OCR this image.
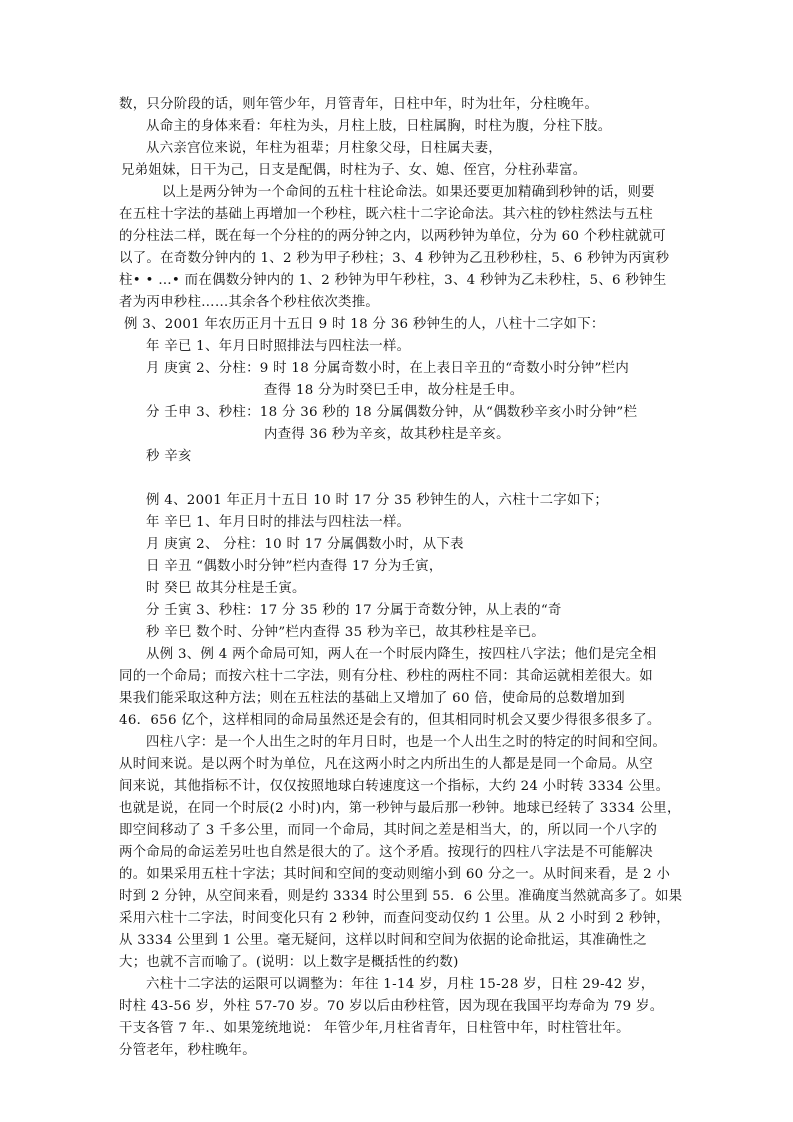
数，只分阶段的话，则年管少年，月管青年，日柱中年，时为壮年，分柱晚年。
从命主的身体来看：年柱为头，月柱上肢，日柱属胸，时柱为腹，分柱下肢。
从六亲宫位来说，年柱为祖辈；月柱象父母，日柱属夫妻，
兄弟姐妹，日干为己，日支是配偶，时柱为子、女、媳、侄宫，分柱孙辈富。
以上是两分钟为一个命间的五柱十柱论命法。如果还要更加精确到秒钟的话，则要
在五柱十字法的基础上再增加一个秒柱，既六柱十二字论命法。其六柱的钞柱然法与五柱
的分柱法二样，既在每一个分柱的的两分钟之内，以两秒钟为单位，分为 60 个秒柱就就可
以了。在奇数分钟内的 1、2 秒为甲子秒柱；3、4 秒钟为乙丑秒秒柱，5、6 秒钟为丙寅秒
柱• • …• 而在偶数分钟内的 1、2 秒钟为甲午秒柱，3、4 秒钟为乙未秒柱，5、6 秒钟生
者为丙申秒柱……其余各个秒柱依次类推。
例 3、2001 年农历正月十五日 9 时 18 分 36 秒钟生的人，八柱十二字如下：
年 辛已 1、年月日时照排法与四柱法一样。
月 庚寅 2、分柱：9 时 18 分属奇数小时，在上表日辛丑的“奇数小时分钟”栏内
查得 18 分为时癸巳壬申，故分柱是壬申。
分 壬申 3、秒柱：18 分 36 秒的 18 分属偶数分钟，从“偶数秒辛亥小时分钟”栏
内查得 36 秒为辛亥，故其秒柱是辛亥。
秒 辛亥
例 4、2001 年正月十五日 10 时 17 分 35 秒钟生的人，六柱十二字如下；
年 辛巳 1、年月日时的排法与四柱法一样。
月 庚寅 2、 分柱：10 时 17 分属偶数小时，从下表
日 辛丑 “偶数小时分钟”栏内查得 17 分为壬寅，
时 癸巳 故其分柱是壬寅。
分 壬寅 3、秒柱：17 分 35 秒的 17 分属于奇数分钟，从上表的“奇
秒 辛巳 数个时、分钟”栏内查得 35 秒为辛已，故其秒柱是辛已。
从例 3、例 4 两个命局可知，两人在一个时辰内降生，按四柱八字法；他们是完全相
同的一个命局；而按六柱十二字法，则有分柱、秒柱的两柱不同：其命运就相差很大。如
果我们能采取这种方法；则在五柱法的基础上又增加了 60 倍，使命局的总数增加到
46．656 亿个，这样相同的命局虽然还是会有的，但其相同时机会又要少得很多很多了。
四柱八字：是一个人出生之时的年月日时，也是一个人出生之时的特定的时间和空间。
从时间来说。是以两个时为单位，凡在这两小时之内所出生的人都是是同一个命局。从空
间来说，其他指标不计，仅仅按照地球白转速度这一个指标，大约 24 小时转 3334 公里。
也就是说，在同一个时辰(2 小时)内，第一秒钟与最后那一秒钟。地球已经转了 3334 公里，
即空间移动了 3 千多公里，而同一个命局，其时间之差是相当大，的，所以同一个八字的
两个命局的命运差另吐也自然是很大的了。这个矛盾。按现行的四柱八字法是不可能解决
的。如果采用五柱十字法；其时间和空间的变动则缩小到 60 分之一。从时间来看，是 2 小
时到 2 分钟，从空间来看，则是约 3334 时公里到 55．6 公里。准确度当然就高多了。如果
采用六柱十二字法，时间变化只有 2 秒钟，而查问变动仅约 1 公里。从 2 小时到 2 秒钟，
从 3334 公里到 1 公里。毫无疑问，这样以时间和空间为依据的论命批运，其准确性之
大；也就不言而喻了。(说明：以上数字是概括性的约数)
六柱十二字法的运限可以调整为：年往 1-14 岁，月柱 15-28 岁，日柱 29-42 岁，
时柱 43-56 岁，外柱 57-70 岁。70 岁以后由秒柱管，因为现在我国平均寿命为 79 岁。
干支各管 7 年.、如果笼统地说： 年管少年,月柱省青年，日柱管中年，时柱管壮年。
分管老年，秒柱晚年。
